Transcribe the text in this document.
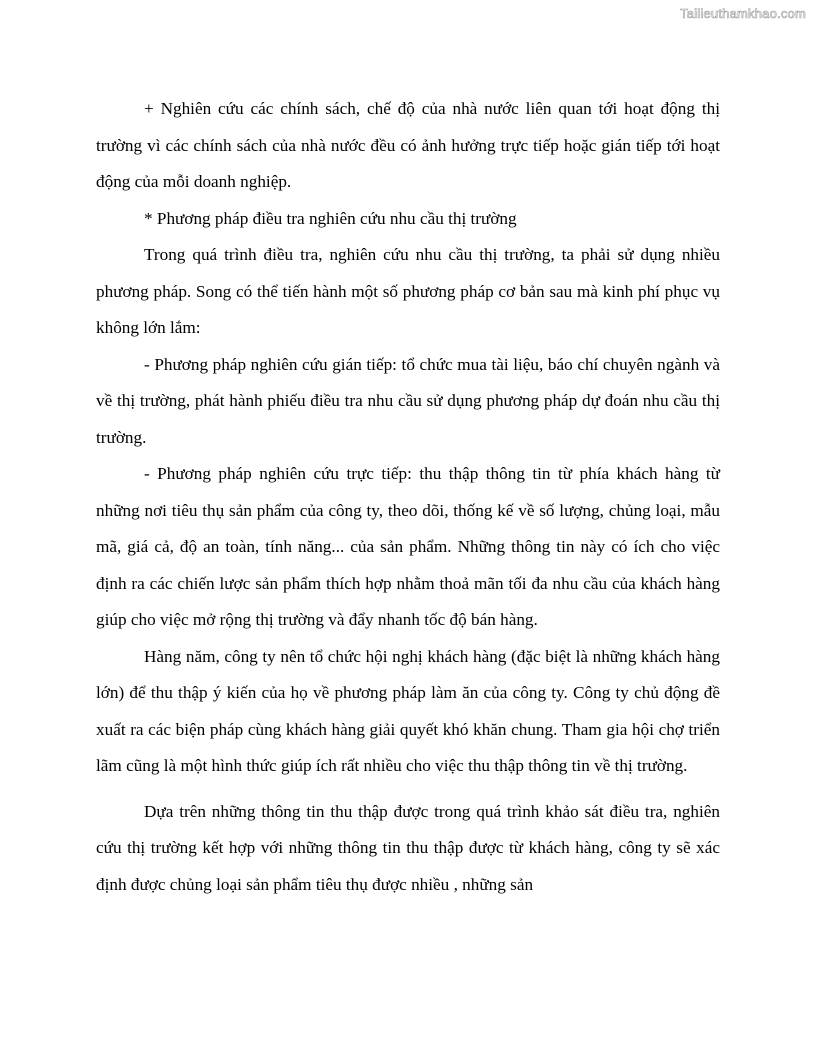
Tailieuthamkhao.com

+ Nghiên cứu các chính sách, chế độ của nhà nước liên quan tới hoạt động thị trường vì các chính sách của nhà nước đều có ảnh hưởng trực tiếp hoặc gián tiếp tới hoạt động của mỗi doanh nghiệp.

* Phương pháp điều tra nghiên cứu nhu cầu thị trường

Trong quá trình điều tra, nghiên cứu nhu cầu thị trường, ta phải sử dụng nhiều phương pháp. Song có thể tiến hành một số phương pháp cơ bản sau mà kinh phí phục vụ không lớn lắm:

- Phương pháp nghiên cứu gián tiếp: tổ chức mua tài liệu, báo chí chuyên ngành và về thị trường, phát hành phiếu điều tra nhu cầu sử dụng phương pháp dự đoán nhu cầu thị trường.

- Phương pháp nghiên cứu trực tiếp: thu thập thông tin từ phía khách hàng từ những nơi tiêu thụ sản phẩm của công ty, theo dõi, thống kế về số lượng, chủng loại, mẫu mã, giá cả, độ an toàn, tính năng... của sản phẩm. Những thông tin này có ích cho việc định ra các chiến lược sản phẩm thích hợp nhằm thoả mãn tối đa nhu cầu của khách hàng giúp cho việc mở rộng thị trường và đẩy nhanh tốc độ bán hàng.

Hàng năm, công ty nên tổ chức hội nghị khách hàng (đặc biệt là những khách hàng lớn) để thu thập ý kiến của họ về phương pháp làm ăn của công ty. Công ty chủ động đề xuất ra các biện pháp cùng khách hàng giải quyết khó khăn chung. Tham gia hội chợ triển lãm cũng là một hình thức giúp ích rất nhiều cho việc thu thập thông tin về thị trường.

Dựa trên những thông tin thu thập được trong quá trình khảo sát điều tra, nghiên cứu thị trường kết hợp với những thông tin thu thập được từ khách hàng, công ty sẽ xác định được chủng loại sản phẩm tiêu thụ được nhiều , những sản
